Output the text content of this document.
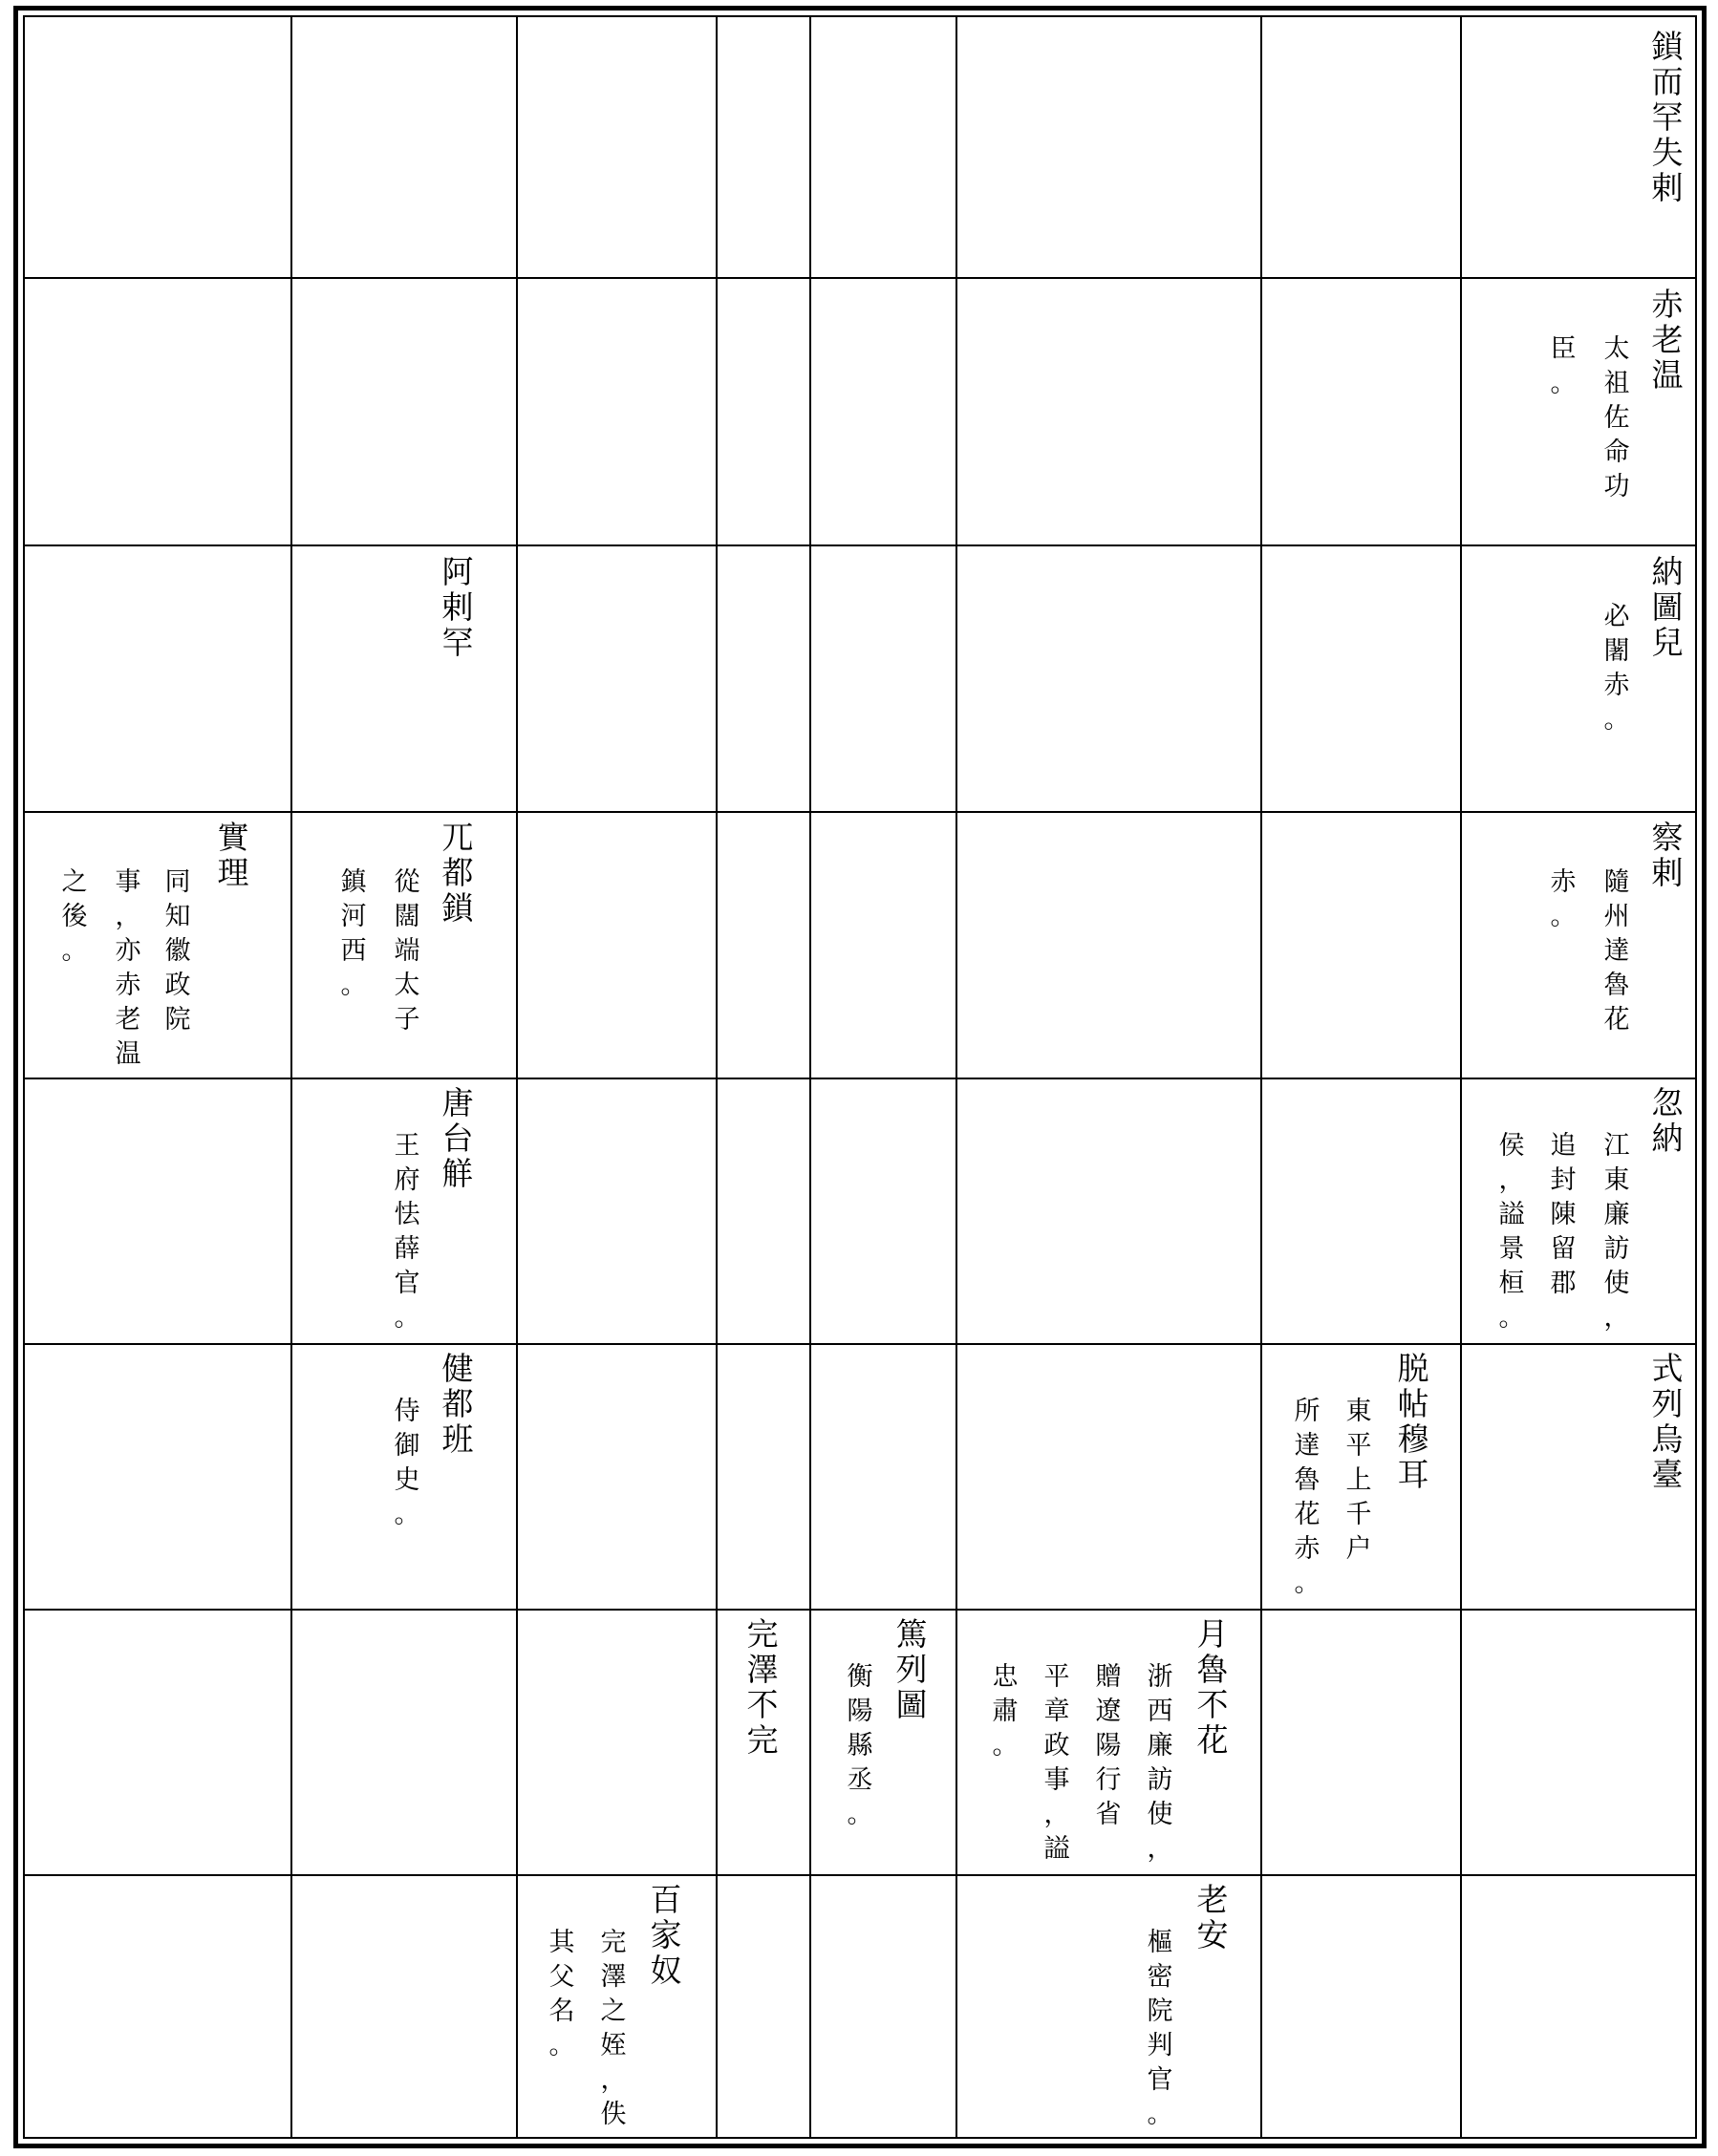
鎖
而
罕
失
剌
赤
老
温
太
祖
佐
命
功
臣
。
納
圖
兒
必
闍
赤
。
阿
剌
罕
察
剌
隨
州
達
魯
花
赤
。
兀
都
鎖
從
闊
端
太
子
鎮
河
西
。
實
理
同
知
徽
政
院
事
，
亦
赤
老
温
之
後
。
忽
納
江
東
廉
訪
使
，
追
封
陳
留
郡
侯
，
謚
景
桓
。
唐
台
觧
王
府
怯
薛
官
。
式
列
烏
臺
脱
帖
穆
耳
東
平
上
千
户
所
達
魯
花
赤
。
健
都
班
侍
御
史
。
月
魯
不
花
浙
西
廉
訪
使
，
贈
遼
陽
行
省
平
章
政
事
，
謚
忠
肅
。
篤
列
圖
衡
陽
縣
丞
。
完
澤
不
完
老
安
樞
密
院
判
官
。
百
家
奴
完
澤
之
姪
，
佚
其
父
名
。
